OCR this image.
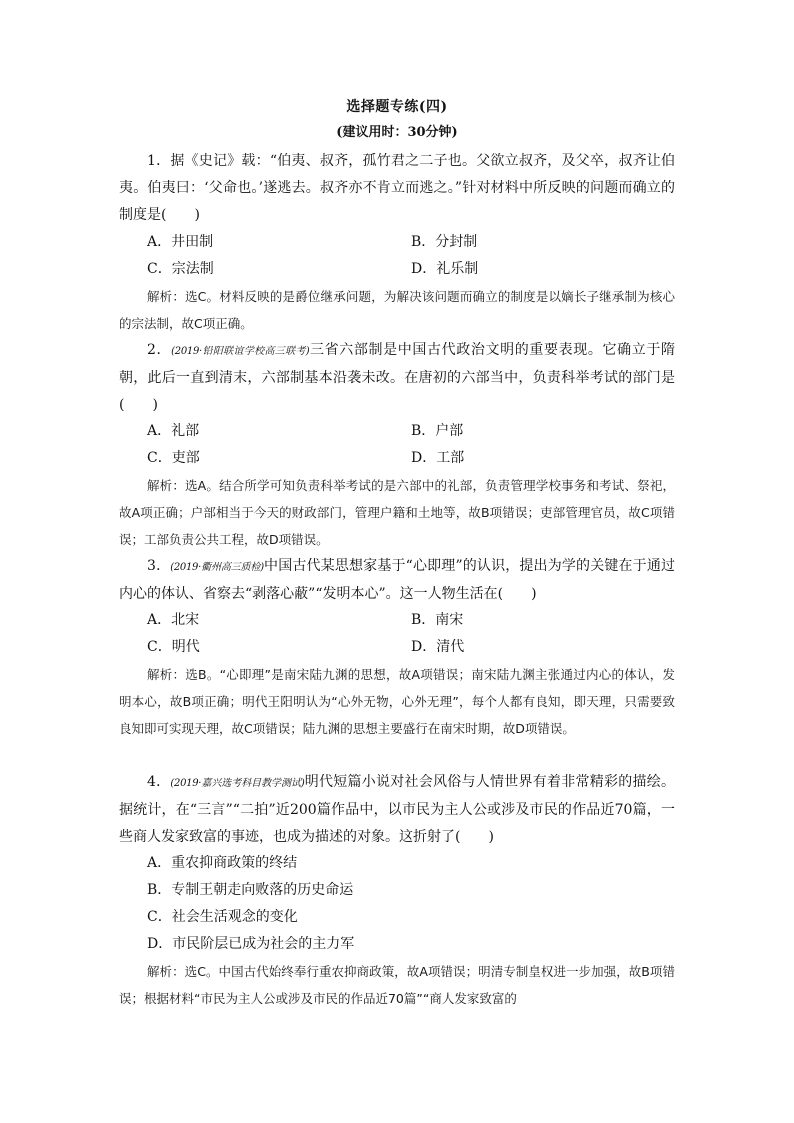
选择题专练(四)
(建议用时：30分钟)

1．据《史记》载：“伯夷、叔齐，孤竹君之二子也。父欲立叔齐，及父卒，叔齐让伯夷。伯夷曰：‘父命也。’遂逃去。叔齐亦不肯立而逃之。”针对材料中所反映的问题而确立的制度是(　　)

A．井田制	B．分封制
C．宗法制	D．礼乐制

解析：选C。材料反映的是爵位继承问题，为解决该问题而确立的制度是以嫡长子继承制为核心的宗法制，故C项正确。

2．(2019·铅阳联谊学校高三联考)三省六部制是中国古代政治文明的重要表现。它确立于隋朝，此后一直到清末，六部制基本沿袭未改。在唐初的六部当中，负责科举考试的部门是(　　)

A．礼部	B．户部
C．吏部	D．工部

解析：选A。结合所学可知负责科举考试的是六部中的礼部，负责管理学校事务和考试、祭祀，故A项正确；户部相当于今天的财政部门，管理户籍和土地等，故B项错误；吏部管理官员，故C项错误；工部负责公共工程，故D项错误。

3．(2019·衢州高三质检)中国古代某思想家基于“心即理”的认识，提出为学的关键在于通过内心的体认、省察去“剥落心蔽”“发明本心”。这一人物生活在(　　)

A．北宋	B．南宋
C．明代	D．清代

解析：选B。“心即理”是南宋陆九渊的思想，故A项错误；南宋陆九渊主张通过内心的体认，发明本心，故B项正确；明代王阳明认为“心外无物，心外无理”，每个人都有良知，即天理，只需要致良知即可实现天理，故C项错误；陆九渊的思想主要盛行在南宋时期，故D项错误。

4．(2019·嘉兴选考科目教学测试)明代短篇小说对社会风俗与人情世界有着非常精彩的描绘。据统计，在“三言”“二拍”近200篇作品中，以市民为主人公或涉及市民的作品近70篇，一些商人发家致富的事迹，也成为描述的对象。这折射了(　　)

A．重农抑商政策的终结
B．专制王朝走向败落的历史命运
C．社会生活观念的变化
D．市民阶层已成为社会的主力军

解析：选C。中国古代始终奉行重农抑商政策，故A项错误；明清专制皇权进一步加强，故B项错误；根据材料“市民为主人公或涉及市民的作品近70篇”“商人发家致富的
